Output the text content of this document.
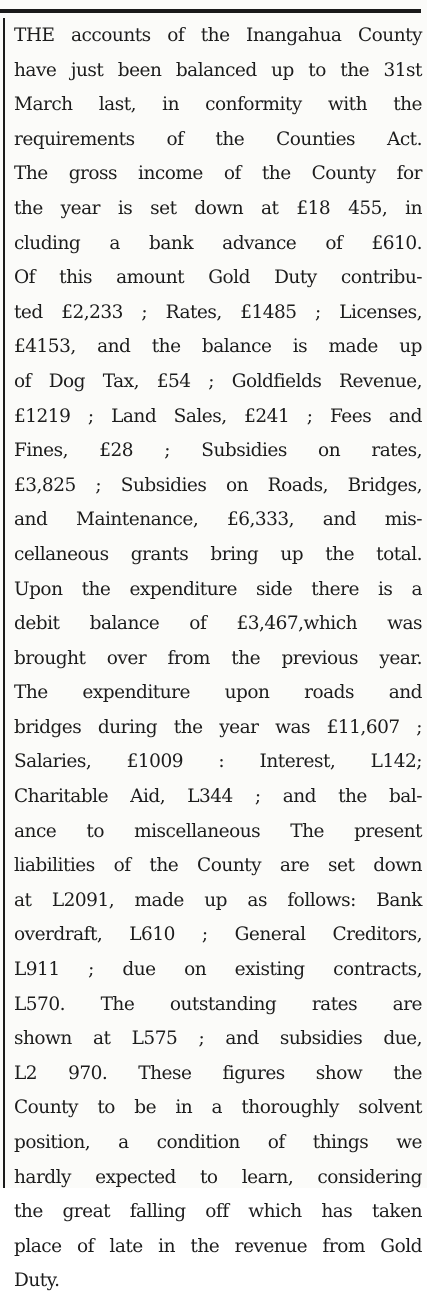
THE accounts of the Inangahua County
have just been balanced up to the 31st
March last, in conformity with the
requirements of the Counties Act.
The gross income of the County for
the year is set down at £18 455, in
cluding a bank advance of £610.
Of this amount Gold Duty contribu-
ted £2,233 ; Rates, £1485 ; Licenses,
£4153, and the balance is made up
of Dog Tax, £54 ; Goldfields Revenue,
£1219 ; Land Sales, £241 ; Fees and
Fines, £28 ; Subsidies on rates,
£3,825 ; Subsidies on Roads, Bridges,
and Maintenance, £6,333, and mis-
cellaneous grants bring up the total.
Upon the expenditure side there is a
debit balance of £3,467,which was
brought over from the previous year.
The expenditure upon roads and
bridges during the year was £11,607 ;
Salaries, £1009 : Interest, L142;
Charitable Aid, L344 ; and the bal-
ance to miscellaneous The present
liabilities of the County are set down
at L2091, made up as follows: Bank
overdraft, L610 ; General Creditors,
L911 ; due on existing contracts,
L570. The outstanding rates are
shown at L575 ; and subsidies due,
L2 970. These figures show the
County to be in a thoroughly solvent
position, a condition of things we
hardly expected to learn, considering
the great falling off which has taken
place of late in the revenue from Gold
Duty.
